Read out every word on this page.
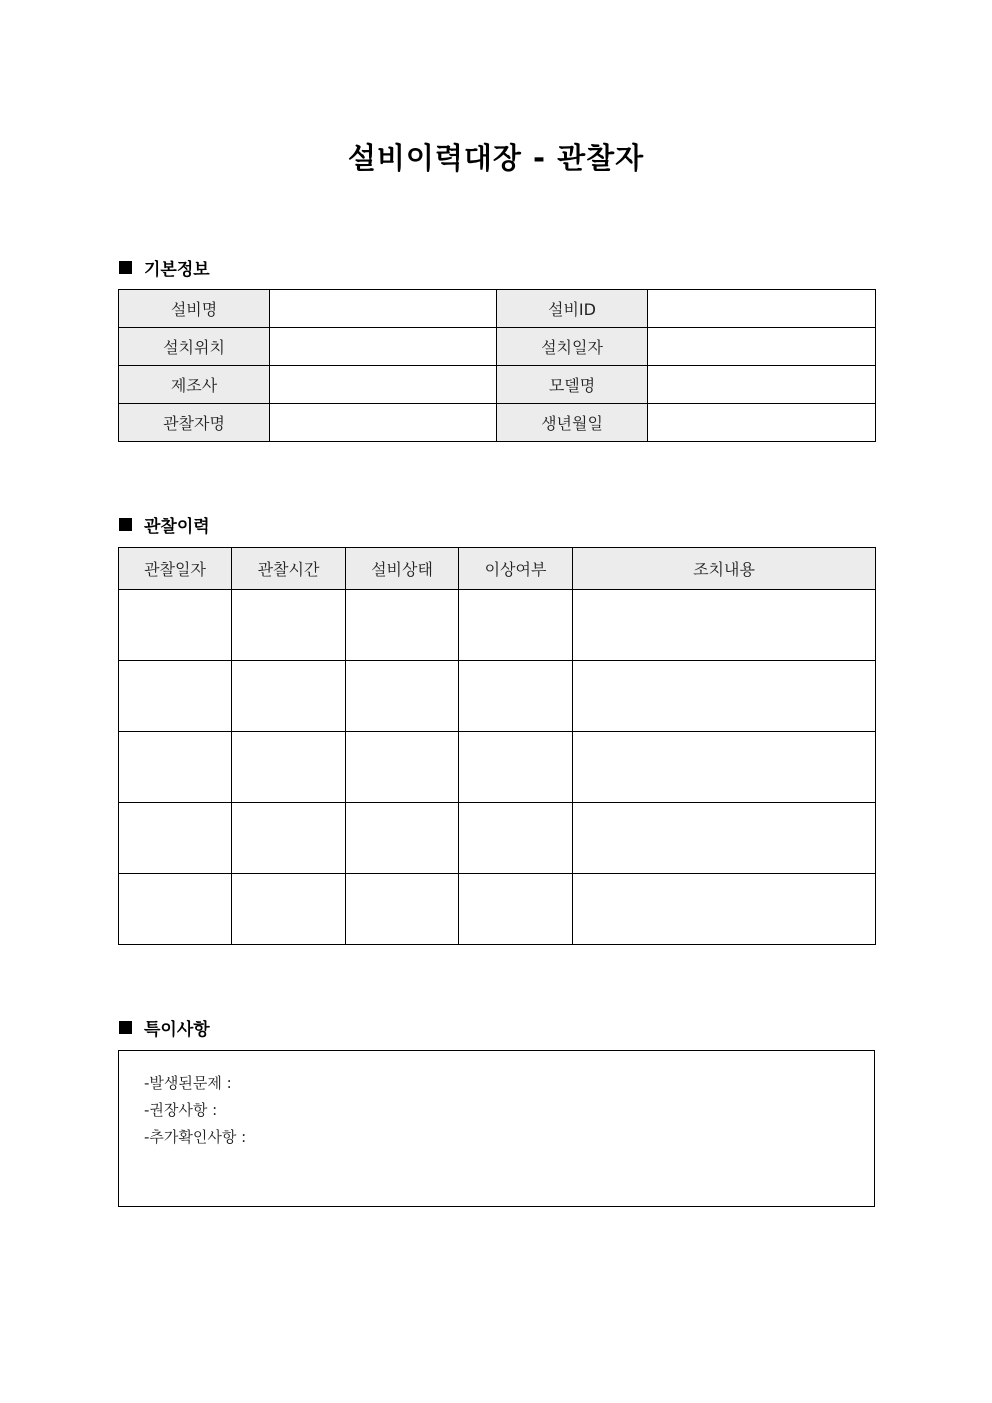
설비이력대장 - 관찰자
기본정보
설비명		설비ID	
설치위치		설치일자	
제조사		모델명	
관찰자명		생년월일	
관찰이력
관찰일자	관찰시간	설비상태	이상여부	조치내용

특이사항
-발생된문제 :
-권장사항 :
-추가확인사항 :
